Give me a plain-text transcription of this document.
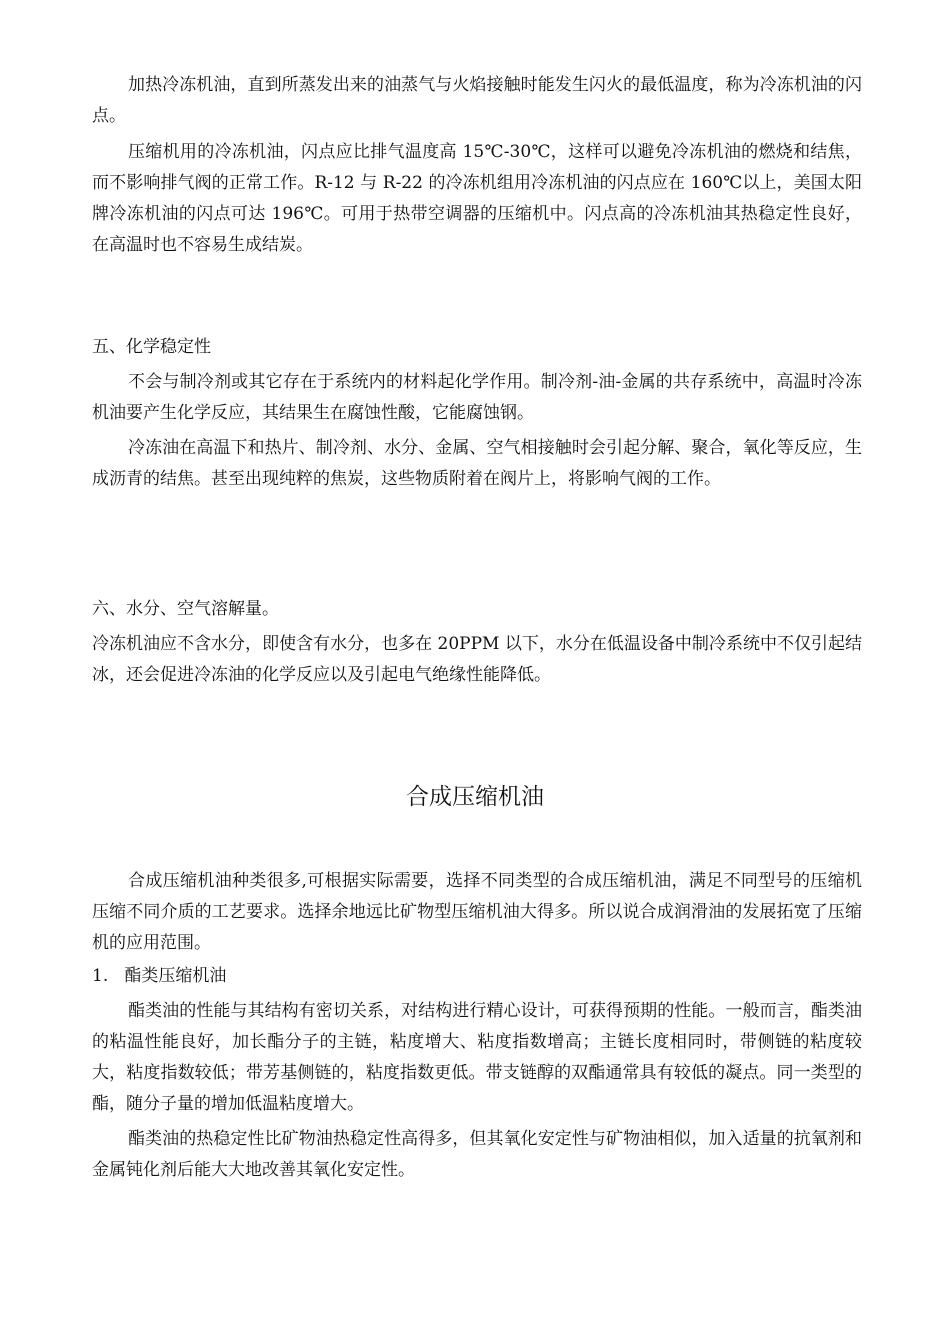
加热冷冻机油，直到所蒸发出来的油蒸气与火焰接触时能发生闪火的最低温度，称为冷冻机油的闪点。

压缩机用的冷冻机油，闪点应比排气温度高 15℃-30℃，这样可以避免冷冻机油的燃烧和结焦，而不影响排气阀的正常工作。R-12 与 R-22 的冷冻机组用冷冻机油的闪点应在 160℃以上，美国太阳牌冷冻机油的闪点可达 196℃。可用于热带空调器的压缩机中。闪点高的冷冻机油其热稳定性良好，在高温时也不容易生成结炭。

五、化学稳定性

不会与制冷剂或其它存在于系统内的材料起化学作用。制冷剂-油-金属的共存系统中，高温时冷冻机油要产生化学反应，其结果生在腐蚀性酸，它能腐蚀钢。

冷冻油在高温下和热片、制冷剂、水分、金属、空气相接触时会引起分解、聚合，氧化等反应，生成沥青的结焦。甚至出现纯粹的焦炭，这些物质附着在阀片上，将影响气阀的工作。

六、水分、空气溶解量。

冷冻机油应不含水分，即使含有水分，也多在 20PPM 以下，水分在低温设备中制冷系统中不仅引起结冰，还会促进冷冻油的化学反应以及引起电气绝缘性能降低。

合成压缩机油

合成压缩机油种类很多,可根据实际需要，选择不同类型的合成压缩机油，满足不同型号的压缩机压缩不同介质的工艺要求。选择余地远比矿物型压缩机油大得多。所以说合成润滑油的发展拓宽了压缩机的应用范围。

1.   酯类压缩机油

酯类油的性能与其结构有密切关系，对结构进行精心设计，可获得预期的性能。一般而言，酯类油的粘温性能良好，加长酯分子的主链，粘度增大、粘度指数增高；主链长度相同时，带侧链的粘度较大，粘度指数较低；带芳基侧链的，粘度指数更低。带支链醇的双酯通常具有较低的凝点。同一类型的酯，随分子量的增加低温粘度增大。

酯类油的热稳定性比矿物油热稳定性高得多，但其氧化安定性与矿物油相似，加入适量的抗氧剂和金属钝化剂后能大大地改善其氧化安定性。
